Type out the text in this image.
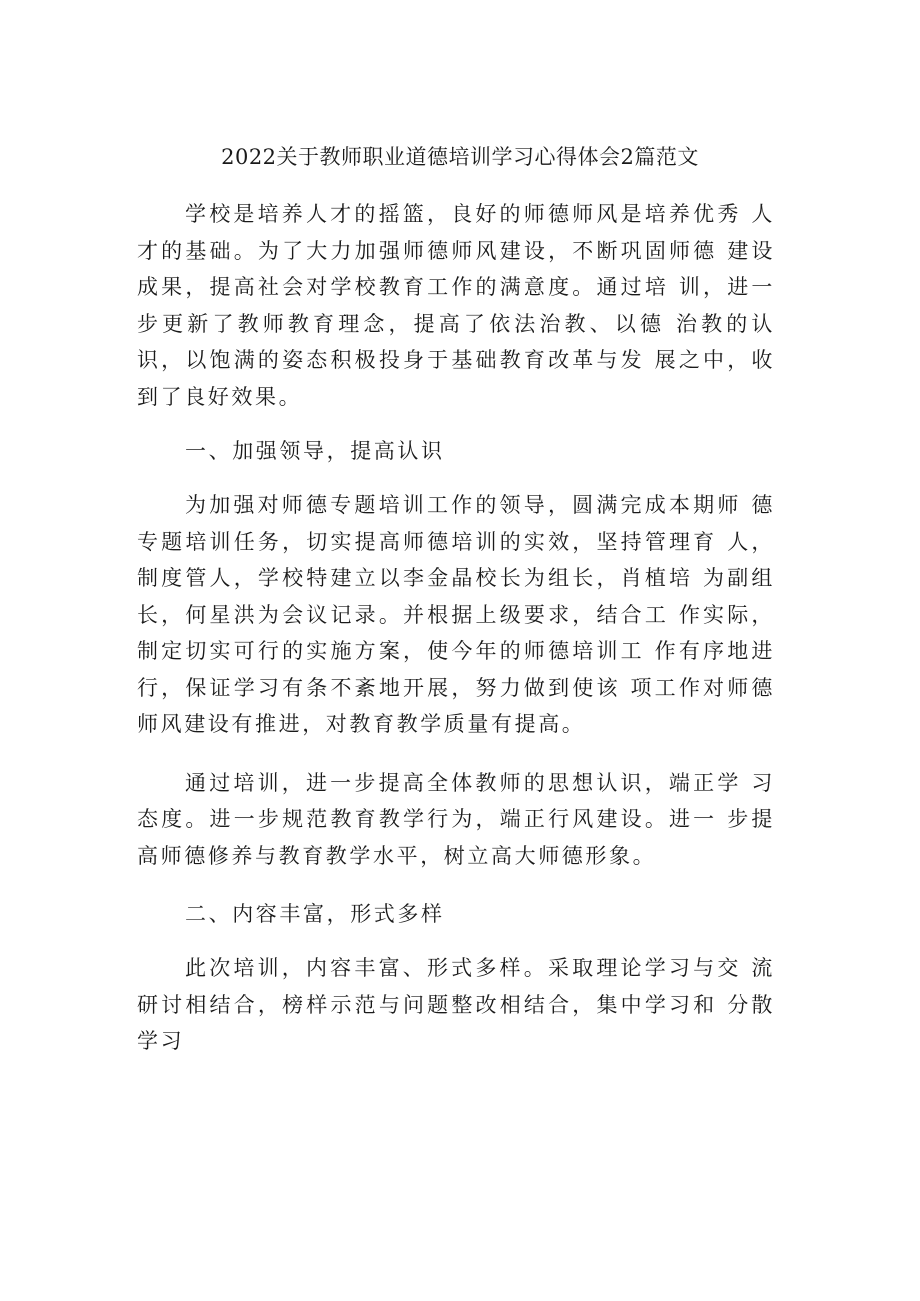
2022关于教师职业道德培训学习心得体会2篇范文

学校是培养人才的摇篮，良好的师德师风是培养优秀 人才的基础。为了大力加强师德师风建设，不断巩固师德 建设成果，提高社会对学校教育工作的满意度。通过培 训，进一步更新了教师教育理念，提高了依法治教、以德 治教的认识，以饱满的姿态积极投身于基础教育改革与发 展之中，收到了良好效果。

一、加强领导，提高认识

为加强对师德专题培训工作的领导，圆满完成本期师 德专题培训任务，切实提高师德培训的实效，坚持管理育 人，制度管人，学校特建立以李金晶校长为组长，肖植培 为副组长，何星洪为会议记录。并根据上级要求，结合工 作实际，制定切实可行的实施方案，使今年的师德培训工 作有序地进行，保证学习有条不紊地开展，努力做到使该 项工作对师德师风建设有推进，对教育教学质量有提高。

通过培训，进一步提高全体教师的思想认识，端正学 习态度。进一步规范教育教学行为，端正行风建设。进一 步提高师德修养与教育教学水平，树立高大师德形象。

二、内容丰富，形式多样

此次培训，内容丰富、形式多样。采取理论学习与交 流研讨相结合，榜样示范与问题整改相结合，集中学习和 分散学习
